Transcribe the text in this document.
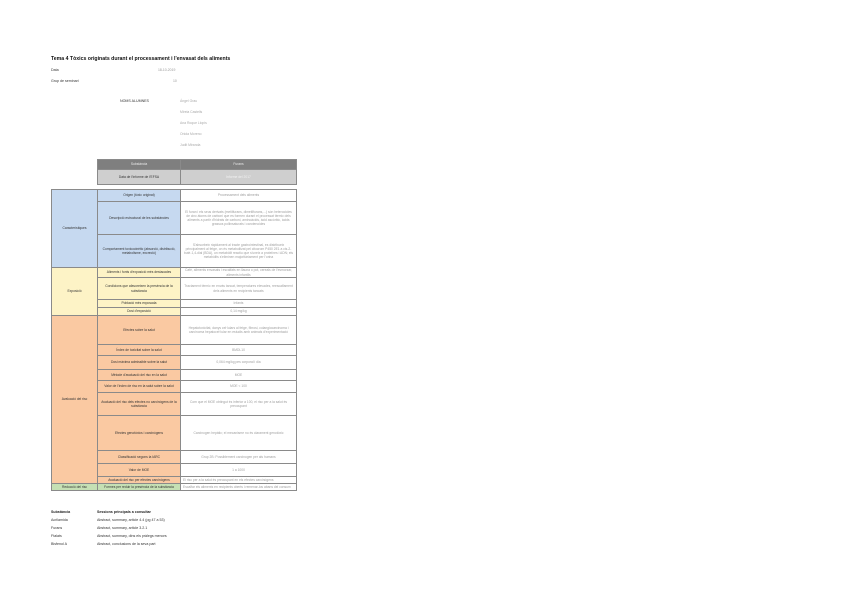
Tema 4 Tòxics originats durant el processament i l'envasat dels aliments
Data	18-10-2019
Grup de seminari	10
NOMS ALUMNES	Ángel Grau
Mireia Castells
Ana Roque Llopis
Oriola Moreno
Judit Miranda
	Substància	Furans
	Data de l'informe de l'EFSA	Informe del 2017

Característiques	Origen (tòxic originat)	Processament dels aliments
	Descripció estructural de les substàncies	El furan i els seus derivats (metilfurans, dimetilfurans,...) són heterocicles de cinc àtoms de carboni que es formen durant el processat tèrmic dels aliments a partir d'hidrats de carboni, aminoàcids, àcid ascòrbic, àcids grassos poliinsaturats i carotenoides
	Comportament toxicocinètic (absorció, distribució, metabolisme, excreció)	S'absorbeix ràpidament al tracte gastrointestinal, es distribueix principalment al fetge, on és metabolitzat pel citocrom P450 2E1 a cis-2-butè-1,4-dial (BDA), un metabòlit reactiu que s'uneix a proteïnes i ADN; els metabòlits s'eliminen majoritàriament per l'orina
Exposició	Aliments i fonts d'exposició més destacades	Cafè, aliments envasats i escalfats en llauna o pot, cereals de l'esmorzar, aliments infantils
	Condicions que afavoreixen la presència de la substància	Tractament tèrmic en envàs tancat, temperatures elevades, reescalfament dels aliments en recipients tancats
	Població més exposada	Infants
	Dosi d'exposició	0,14 mg/kg
Avaluació del risc	Efectes sobre la salut	Hepatotoxicitat, danys cel·lulars al fetge, fibrosi, colangiocarcinoma i carcinoma hepatocel·lular en estudis amb animals d'experimentació
	Índex de toxicitat sobre la salut	BMDL10
	Dosi màxima admissible sobre la salut	0,064 mg/kg pes corporal i dia
	Mètode d'avaluació del risc en la salut	MOE
	Valor de l'índex de risc en la salut sobre la salut	MOE < 100
	Avaluació del risc dels efectes no carcinògens de la substància	Com que el MOE obtingut és inferior a 100, el risc per a la salut és preocupant
	Efectes genotòxics i carcinògens	Carcinogen hepàtic; el mecanisme no és clarament genotòxic
	Classificació segons la IARC	Grup 2B: Possiblement carcinogen per als humans
	Valor de MOE	1 a 1000
	Avaluació del risc per efectes carcinògens	El risc per a la salut és preocupant en els efectes carcinògens
Reducció del risc	Formes per reduir la presència de la substància	Escalfar els aliments en recipients oberts i remenar-los abans del consum
Substància	Sessions principals a consultar
Acrilamida	Abstract, summary, article 4.4 (pg 47 a 53)
Furans	Abstract, summary, article 3.2.1
Ftalats	Abstract, summary, dins els pràlegs menors
Bisfenol A	Abstract, conclusions de la seva part
